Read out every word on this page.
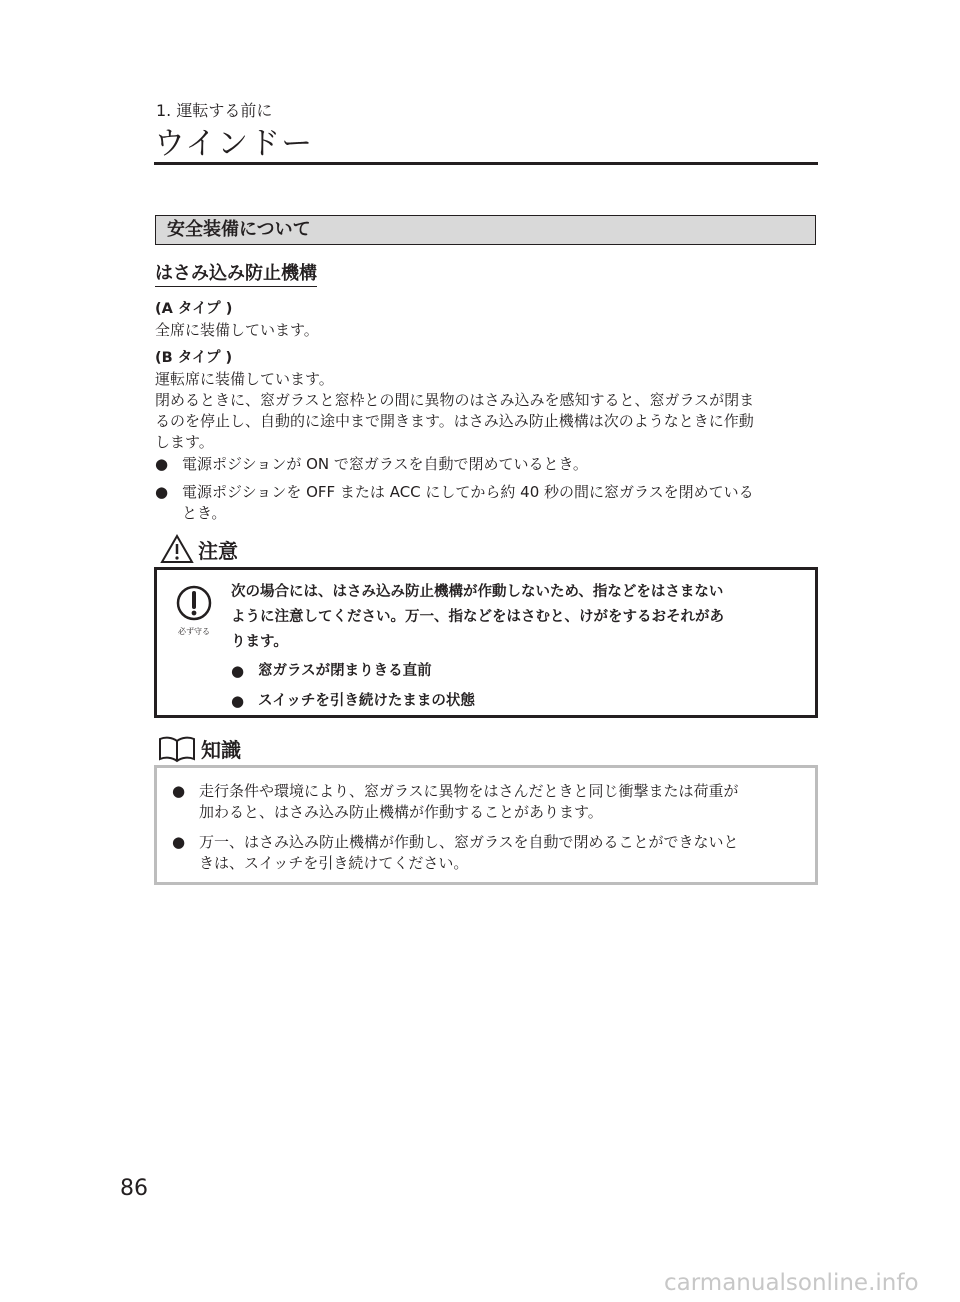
1. 運転する前に
ウインドー
安全装備について
はさみ込み防止機構
(A タイプ )
全席に装備しています。
(B タイプ )
運転席に装備しています。
閉めるときに、窓ガラスと窓枠との間に異物のはさみ込みを感知すると、窓ガラスが閉ま
るのを停止し、自動的に途中まで開きます。はさみ込み防止機構は次のようなときに作動
します。
● 電源ポジションが ON で窓ガラスを自動で閉めているとき。
● 電源ポジションを OFF または ACC にしてから約 40 秒の間に窓ガラスを閉めている
とき。
注意
必ず守る
次の場合には、はさみ込み防止機構が作動しないため、指などをはさまない
ように注意してください。万一、指などをはさむと、けがをするおそれがあ
ります。
● 窓ガラスが閉まりきる直前
● スイッチを引き続けたままの状態
知識
● 走行条件や環境により、窓ガラスに異物をはさんだときと同じ衝撃または荷重が
加わると、はさみ込み防止機構が作動することがあります。
● 万一、はさみ込み防止機構が作動し、窓ガラスを自動で閉めることができないと
きは、スイッチを引き続けてください。
86
carmanualsonline.info
